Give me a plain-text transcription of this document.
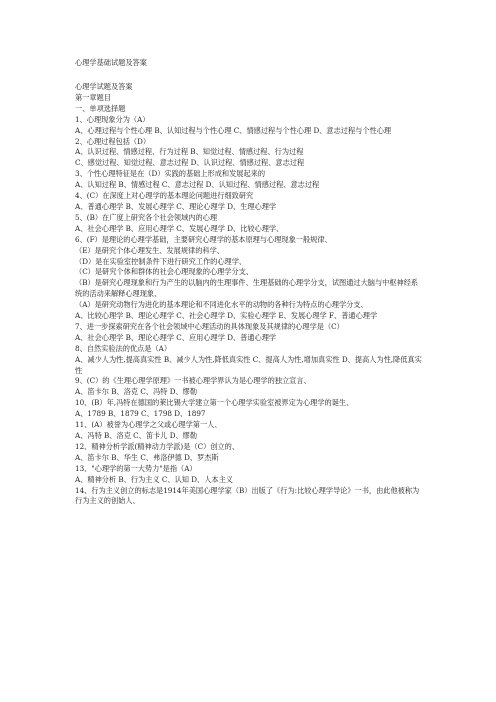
心理学基础试题及答案

心理学试题及答案

第一章题目

一、单项选择题

1、心理现象分为（A）

A、心理过程与个性心理 B、认知过程与个性心理 C、情感过程与个性心理 D、意志过程与个性心理

2、心理过程包括（D）

A、认识过程、情感过程、行为过程 B、知觉过程、情感过程、行为过程

C、感觉过程、知觉过程、意志过程 D、认识过程、情感过程、意志过程

3、个性心理特征是在（D）实践的基础上形成和发展起来的

A、认知过程 B、情感过程 C、意志过程 D、认知过程、情感过程、意志过程

4、(C）在深度上对心理学的基本理论问题进行细致研究

A、普通心理学 B、发展心理学 C、理论心理学 D、生理心理学

5、(B）在广度上研究各个社会领域内的心理

A、社会心理学 B、应用心理学 C、发展心理学 D、比较心理学、

6、(F）是理论的心理学基础，主要研究心理学的基本原理与心理现象一般规律、

（E）是研究个体心理发生、发展规律的科学、

（D）是在实验室控制条件下进行研究工作的心理学、

（C）是研究个体和群体的社会心理现象的心理学分支、

（B）是研究心理现象和行为产生的以脑内的生理事件、生理基础的心理学分支，试图通过大脑与中枢神经系统的活动来解释心理现象、

（A）是研究动物行为进化的基本理论和不同进化水平的动物的各种行为特点的心理学分支、

A、比较心理学 B、理论心理学 C、社会心理学 D、实验心理学 E、发展心理学 F、普通心理学

7、进一步探索研究在各个社会领域中心理活动的具体现象及其规律的心理学是（C）

A、社会心理学 B、理论心理学 C、应用心理学 D、普通心理学

8、自然实验法的优点是（A）

A、减少人为性,提高真实性 B、减少人为性,降低真实性 C、提高人为性,增加真实性 D、提高人为性,降低真实性

9、(C）的《生理心理学原理》一书被心理学界认为是心理学的独立宣言、

A、笛卡尔 B、洛克 C、冯特 D、缪勒

10、(B）年,冯特在德国的莱比锡大学建立第一个心理学实验室被界定为心理学的诞生、

A、1789 B、1879 C、1798 D、1897

11、(A）被誉为心理学之父或心理学第一人、

A、冯特 B、洛克 C、笛卡儿 D、缪勒

12、精神分析学派(精神动力学派)是（C）创立的、

A、笛卡尔 B、华生 C、弗洛伊德 D、罗杰斯

13、"心理学的第一大势力"是指（A）

A、精神分析 B、行为主义 C、认知 D、人本主义

14、行为主义创立的标志是1914年美国心理学家（B）出版了《行为:比较心理学导论》一书，由此他被称为行为主义的创始人、
